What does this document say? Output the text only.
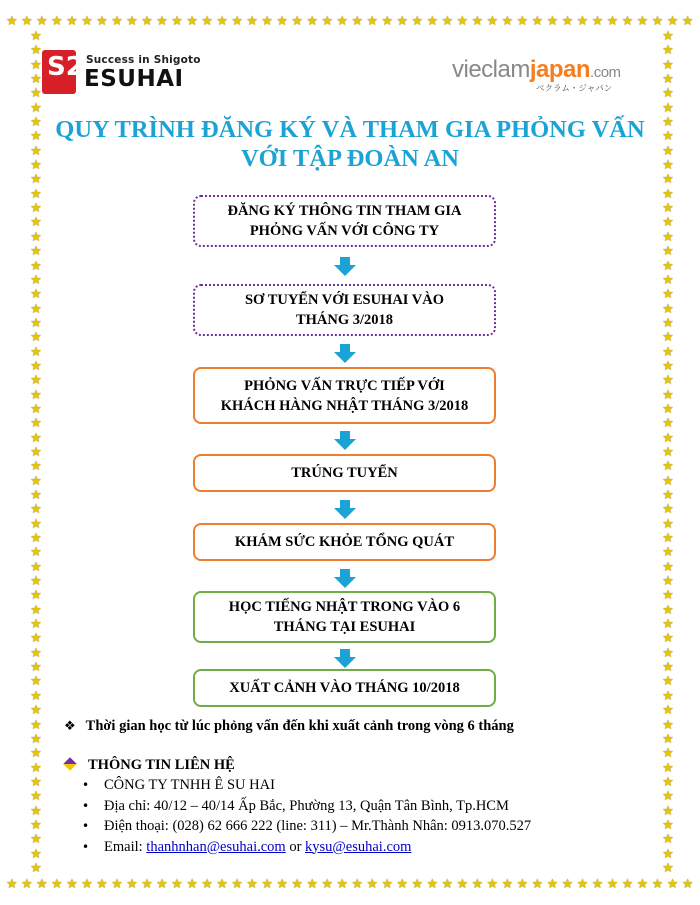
★ ★ ★ ★ ★ ★ ★ ★ ★ ★ ★ ★ ★ ★ ★ ★ ★ ★ ★ ★ ★ ★ ★ ★ ★ ★ ★ ★ ★ ★ ★ ★ ★ ★ ★ ★ ★ ★ ★ ★ ★ ★ ★ ★ ★ ★
★ ★ ★ ★ ★ ★ ★ ★ ★ ★ ★ ★ ★ ★ ★ ★ ★ ★ ★ ★ ★ ★ ★ ★ ★ ★ ★ ★ ★ ★ ★ ★ ★ ★ ★ ★ ★ ★ ★ ★ ★ ★ ★ ★ ★ ★
★
★
★
★
★
★
★
★
★
★
★
★
★
★
★
★
★
★
★
★
★
★
★
★
★
★
★
★
★
★
★
★
★
★
★
★
★
★
★
★
★
★
★
★
★
★
★
★
★
★
★
★
★
★
★
★
★
★
★
★
★
★
★
★
★
★
★
★
★
★
★
★
★
★
★
★
★
★
★
★
★
★
★
★
★
★
★
★
★
★
★
★
★
★
★
★
★
★
★
★
★
★
★
★
★
★
★
★
★
★
★
★
★
★
★
★
★
★
S2 Success in Shigoto
ESUHAI	vieclamjapan.com
ベクラム・ジャパン
QUY TRÌNH ĐĂNG KÝ VÀ THAM GIA PHỎNG VẤN
VỚI TẬP ĐOÀN AN
ĐĂNG KÝ THÔNG TIN THAM GIA
PHỎNG VẤN VỚI CÔNG TY
SƠ TUYỂN VỚI ESUHAI VÀO
THÁNG 3/2018
PHỎNG VẤN TRỰC TIẾP VỚI
KHÁCH HÀNG NHẬT THÁNG 3/2018
TRÚNG TUYỂN
KHÁM SỨC KHỎE TỔNG QUÁT
HỌC TIẾNG NHẬT TRONG VÀO 6
THÁNG TẠI ESUHAI
XUẤT CẢNH VÀO THÁNG 10/2018
❖ Thời gian học từ lúc phỏng vấn đến khi xuất cảnh trong vòng 6 tháng
THÔNG TIN LIÊN HỆ
• CÔNG TY TNHH Ê SU HAI
• Địa chỉ: 40/12 – 40/14 Ấp Bắc, Phường 13, Quận Tân Bình, Tp.HCM
• Điện thoại: (028) 62 666 222 (line: 311) – Mr.Thành Nhân: 0913.070.527
• Email: thanhnhan@esuhai.com or kysu@esuhai.com
